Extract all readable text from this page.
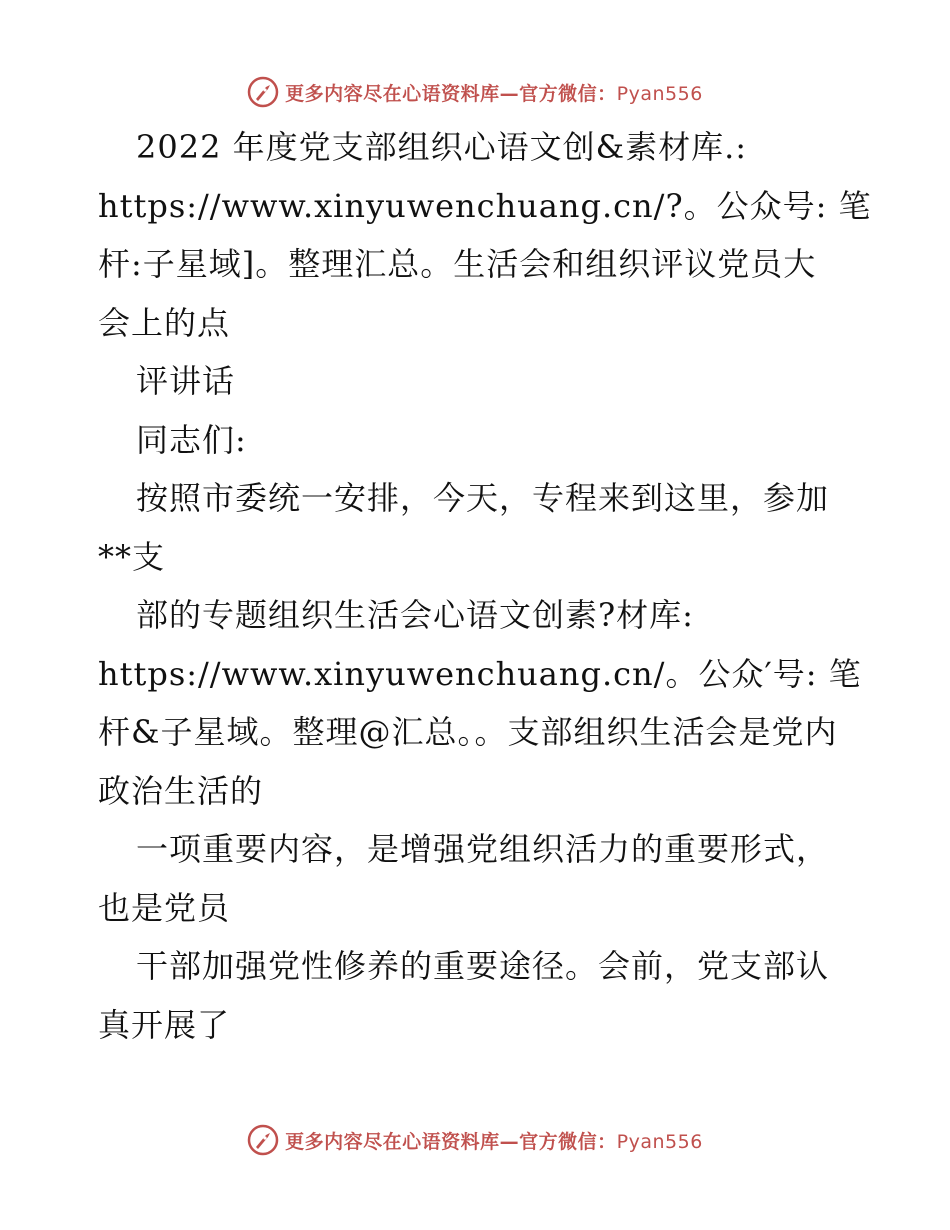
更多内容尽在心语资料库—官方微信：Pyan556
2022 年度党支部组织心语文创&素材库.:
https://www.xinyuwenchuang.cn/?。公众号: 笔
杆:子星域]。整理汇总。生活会和组织评议党员大
会上的点
评讲话
同志们:
按照市委统一安排，今天，专程来到这里，参加
**支
部的专题组织生活会心语文创素?材库:
https://www.xinyuwenchuang.cn/。公众′号: 笔
杆&子星域。整理@汇总。。支部组织生活会是党内
政治生活的
一项重要内容，是增强党组织活力的重要形式，
也是党员
干部加强党性修养的重要途径。会前，党支部认
真开展了
更多内容尽在心语资料库—官方微信：Pyan556
